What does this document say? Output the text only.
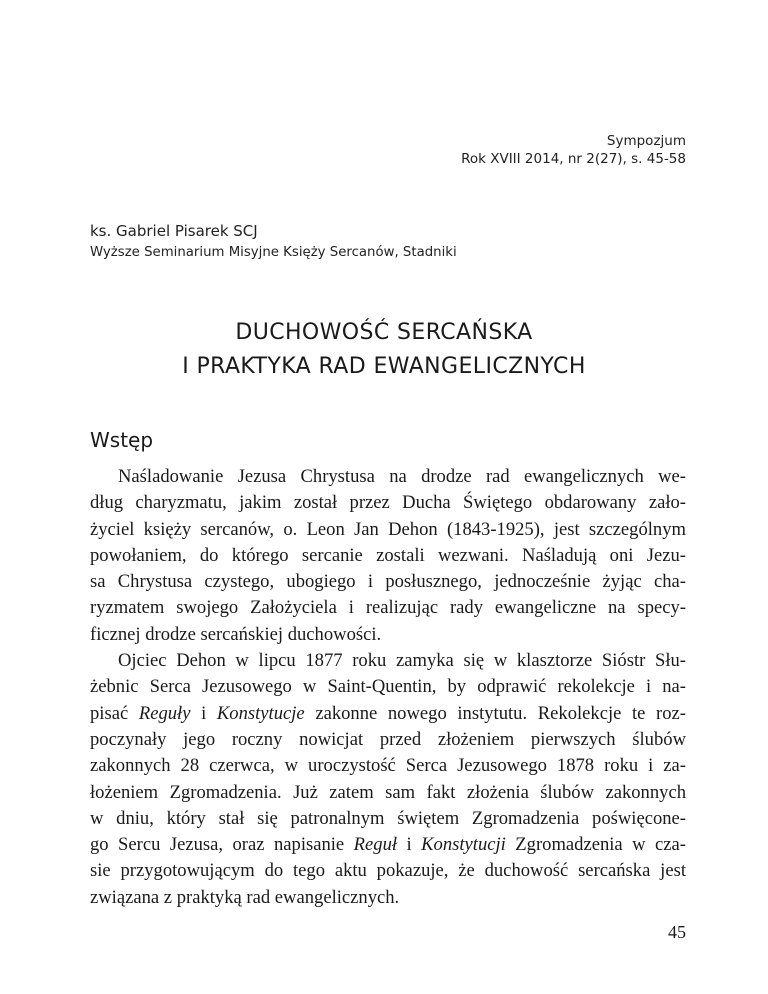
Sympozjum
Rok XVIII 2014, nr 2(27), s. 45-58
ks. Gabriel Pisarek SCJ
Wyższe Seminarium Misyjne Księży Sercanów, Stadniki
DUCHOWOŚĆ SERCAŃSKA
I PRAKTYKA RAD EWANGELICZNYCH
Wstęp
Naśladowanie Jezusa Chrystusa na drodze rad ewangelicznych we-
dług charyzmatu, jakim został przez Ducha Świętego obdarowany zało-
życiel księży sercanów, o. Leon Jan Dehon (1843-1925), jest szczególnym
powołaniem, do którego sercanie zostali wezwani. Naśladują oni Jezu-
sa Chrystusa czystego, ubogiego i posłusznego, jednocześnie żyjąc cha-
ryzmatem swojego Założyciela i realizując rady ewangeliczne na specy-
ficznej drodze sercańskiej duchowości.
Ojciec Dehon w lipcu 1877 roku zamyka się w klasztorze Sióstr Słu-
żebnic Serca Jezusowego w Saint-Quentin, by odprawić rekolekcje i na-
pisać Reguły i Konstytucje zakonne nowego instytutu. Rekolekcje te roz-
poczynały jego roczny nowicjat przed złożeniem pierwszych ślubów
zakonnych 28 czerwca, w uroczystość Serca Jezusowego 1878 roku i za-
łożeniem Zgromadzenia. Już zatem sam fakt złożenia ślubów zakonnych
w dniu, który stał się patronalnym świętem Zgromadzenia poświęcone-
go Sercu Jezusa, oraz napisanie Reguł i Konstytucji Zgromadzenia w cza-
sie przygotowującym do tego aktu pokazuje, że duchowość sercańska jest
związana z praktyką rad ewangelicznych.
45
